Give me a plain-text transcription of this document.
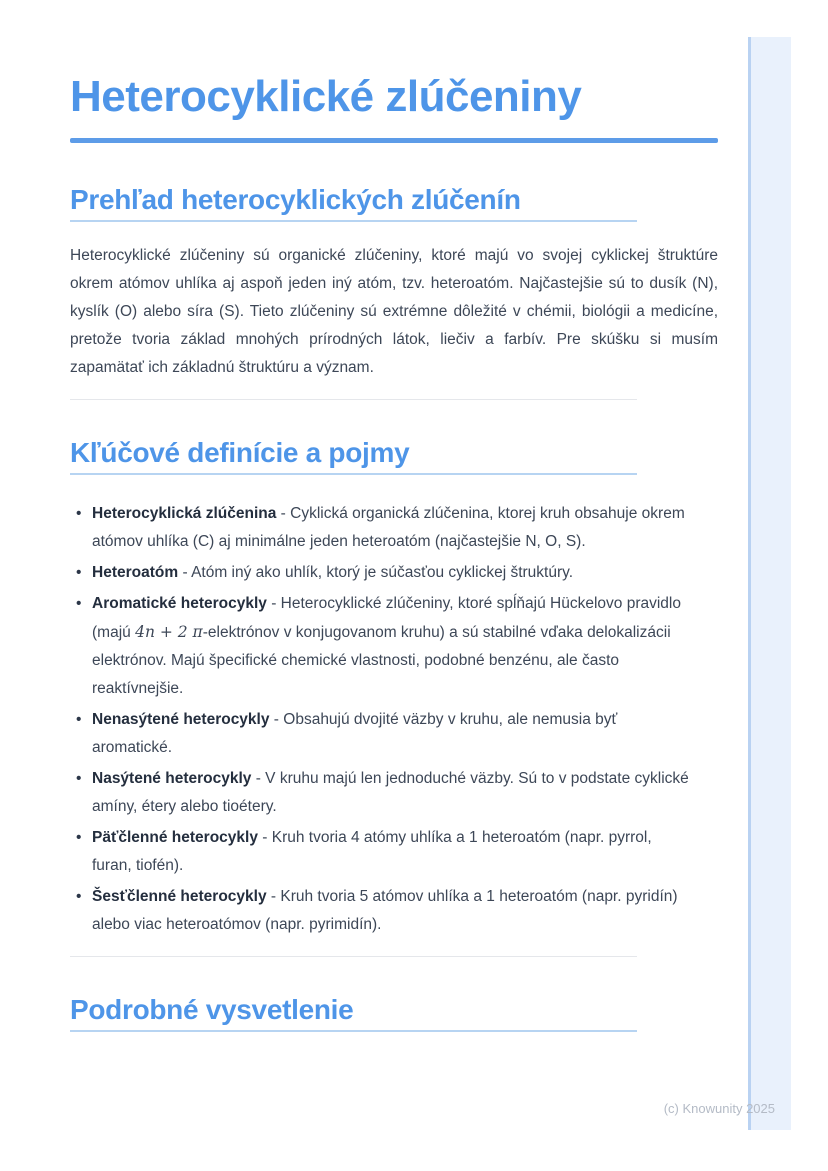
Heterocyklické zlúčeniny
Prehľad heterocyklických zlúčenín

Heterocyklické zlúčeniny sú organické zlúčeniny, ktoré majú vo svojej cyklickej štruktúre okrem atómov uhlíka aj aspoň jeden iný atóm, tzv. heteroatóm. Najčastejšie sú to dusík (N), kyslík (O) alebo síra (S). Tieto zlúčeniny sú extrémne dôležité v chémii, biológii a medicíne, pretože tvoria základ mnohých prírodných látok, liečiv a farbív. Pre skúšku si musím zapamätať ich základnú štruktúru a význam.

Kľúčové definície a pojmy
• Heterocyklická zlúčenina - Cyklická organická zlúčenina, ktorej kruh obsahuje okrem atómov uhlíka (C) aj minimálne jeden heteroatóm (najčastejšie N, O, S).
• Heteroatóm - Atóm iný ako uhlík, ktorý je súčasťou cyklickej štruktúry.
• Aromatické heterocykly - Heterocyklické zlúčeniny, ktoré spĺňajú Hückelovo pravidlo (majú 4n + 2 π-elektrónov v konjugovanom kruhu) a sú stabilné vďaka delokalizácii elektrónov. Majú špecifické chemické vlastnosti, podobné benzénu, ale často reaktívnejšie.
• Nenasýtené heterocykly - Obsahujú dvojité väzby v kruhu, ale nemusia byť aromatické.
• Nasýtené heterocykly - V kruhu majú len jednoduché väzby. Sú to v podstate cyklické amíny, étery alebo tioétery.
• Päťčlenné heterocykly - Kruh tvoria 4 atómy uhlíka a 1 heteroatóm (napr. pyrrol, furan, tiofén).
• Šesťčlenné heterocykly - Kruh tvoria 5 atómov uhlíka a 1 heteroatóm (napr. pyridín) alebo viac heteroatómov (napr. pyrimidín).
Podrobné vysvetlenie
(c) Knowunity 2025
